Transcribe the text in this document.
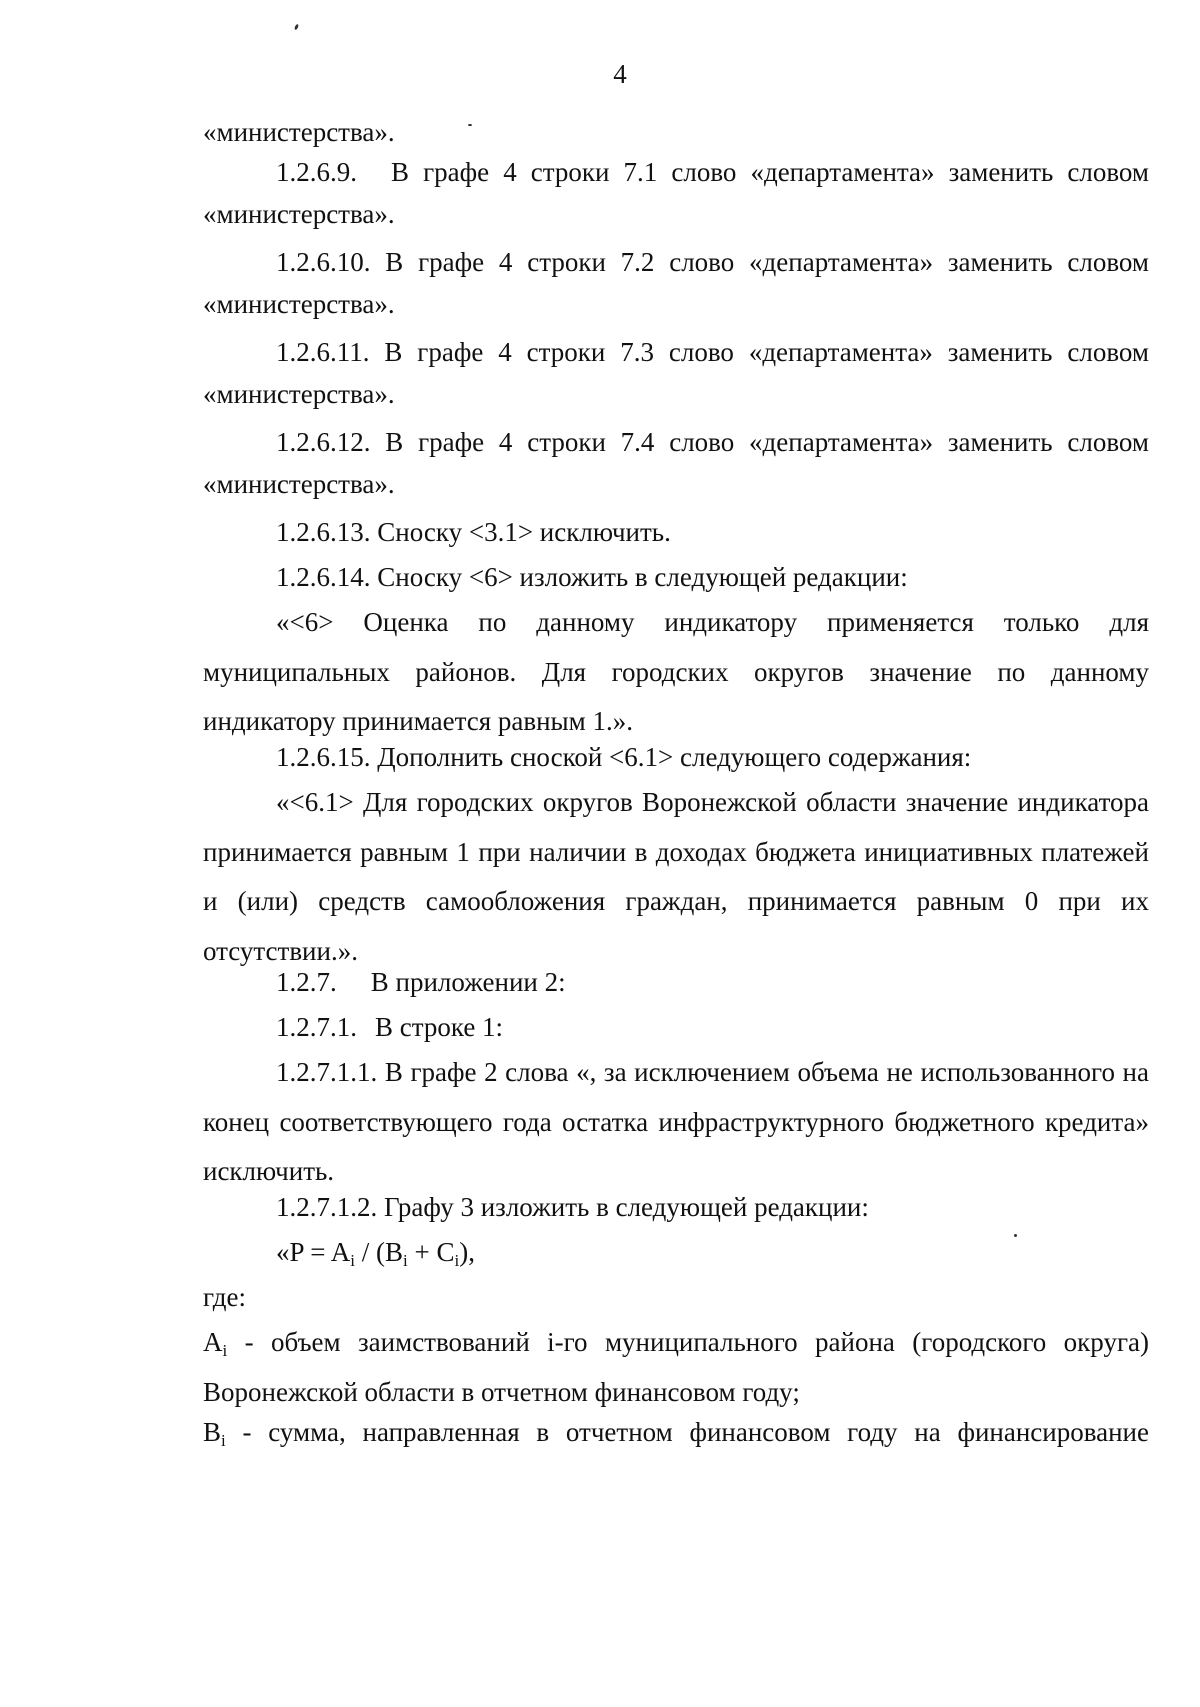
4

«министерства».

1.2.6.9. В графе 4 строки 7.1 слово «департамента» заменить словом

«министерства».

1.2.6.10. В графе 4 строки 7.2 слово «департамента» заменить словом

«министерства».

1.2.6.11. В графе 4 строки 7.3 слово «департамента» заменить словом

«министерства».

1.2.6.12. В графе 4 строки 7.4 слово «департамента» заменить словом

«министерства».

1.2.6.13. Сноску <3.1> исключить.

1.2.6.14. Сноску <6> изложить в следующей редакции:

«<6> Оценка по данному индикатору применяется только для муниципальных районов. Для городских округов значение по данному индикатору принимается равным 1.».

1.2.6.15. Дополнить сноской <6.1> следующего содержания:

«<6.1> Для городских округов Воронежской области значение индикатора принимается равным 1 при наличии в доходах бюджета инициативных платежей и (или) средств самообложения граждан, принимается равным 0 при их отсутствии.».

1.2.7. В приложении 2:

1.2.7.1. В строке 1:

1.2.7.1.1. В графе 2 слова «, за исключением объема не использованного на конец соответствующего года остатка инфраструктурного бюджетного кредита» исключить.

1.2.7.1.2. Графу 3 изложить в следующей редакции:

«$P = A_i / (B_i + C_i)$,

где:

$A_i$ - объем заимствований i-го муниципального района (городского округа) Воронежской области в отчетном финансовом году;

$B_i$ - сумма, направленная в отчетном финансовом году на финансирование
